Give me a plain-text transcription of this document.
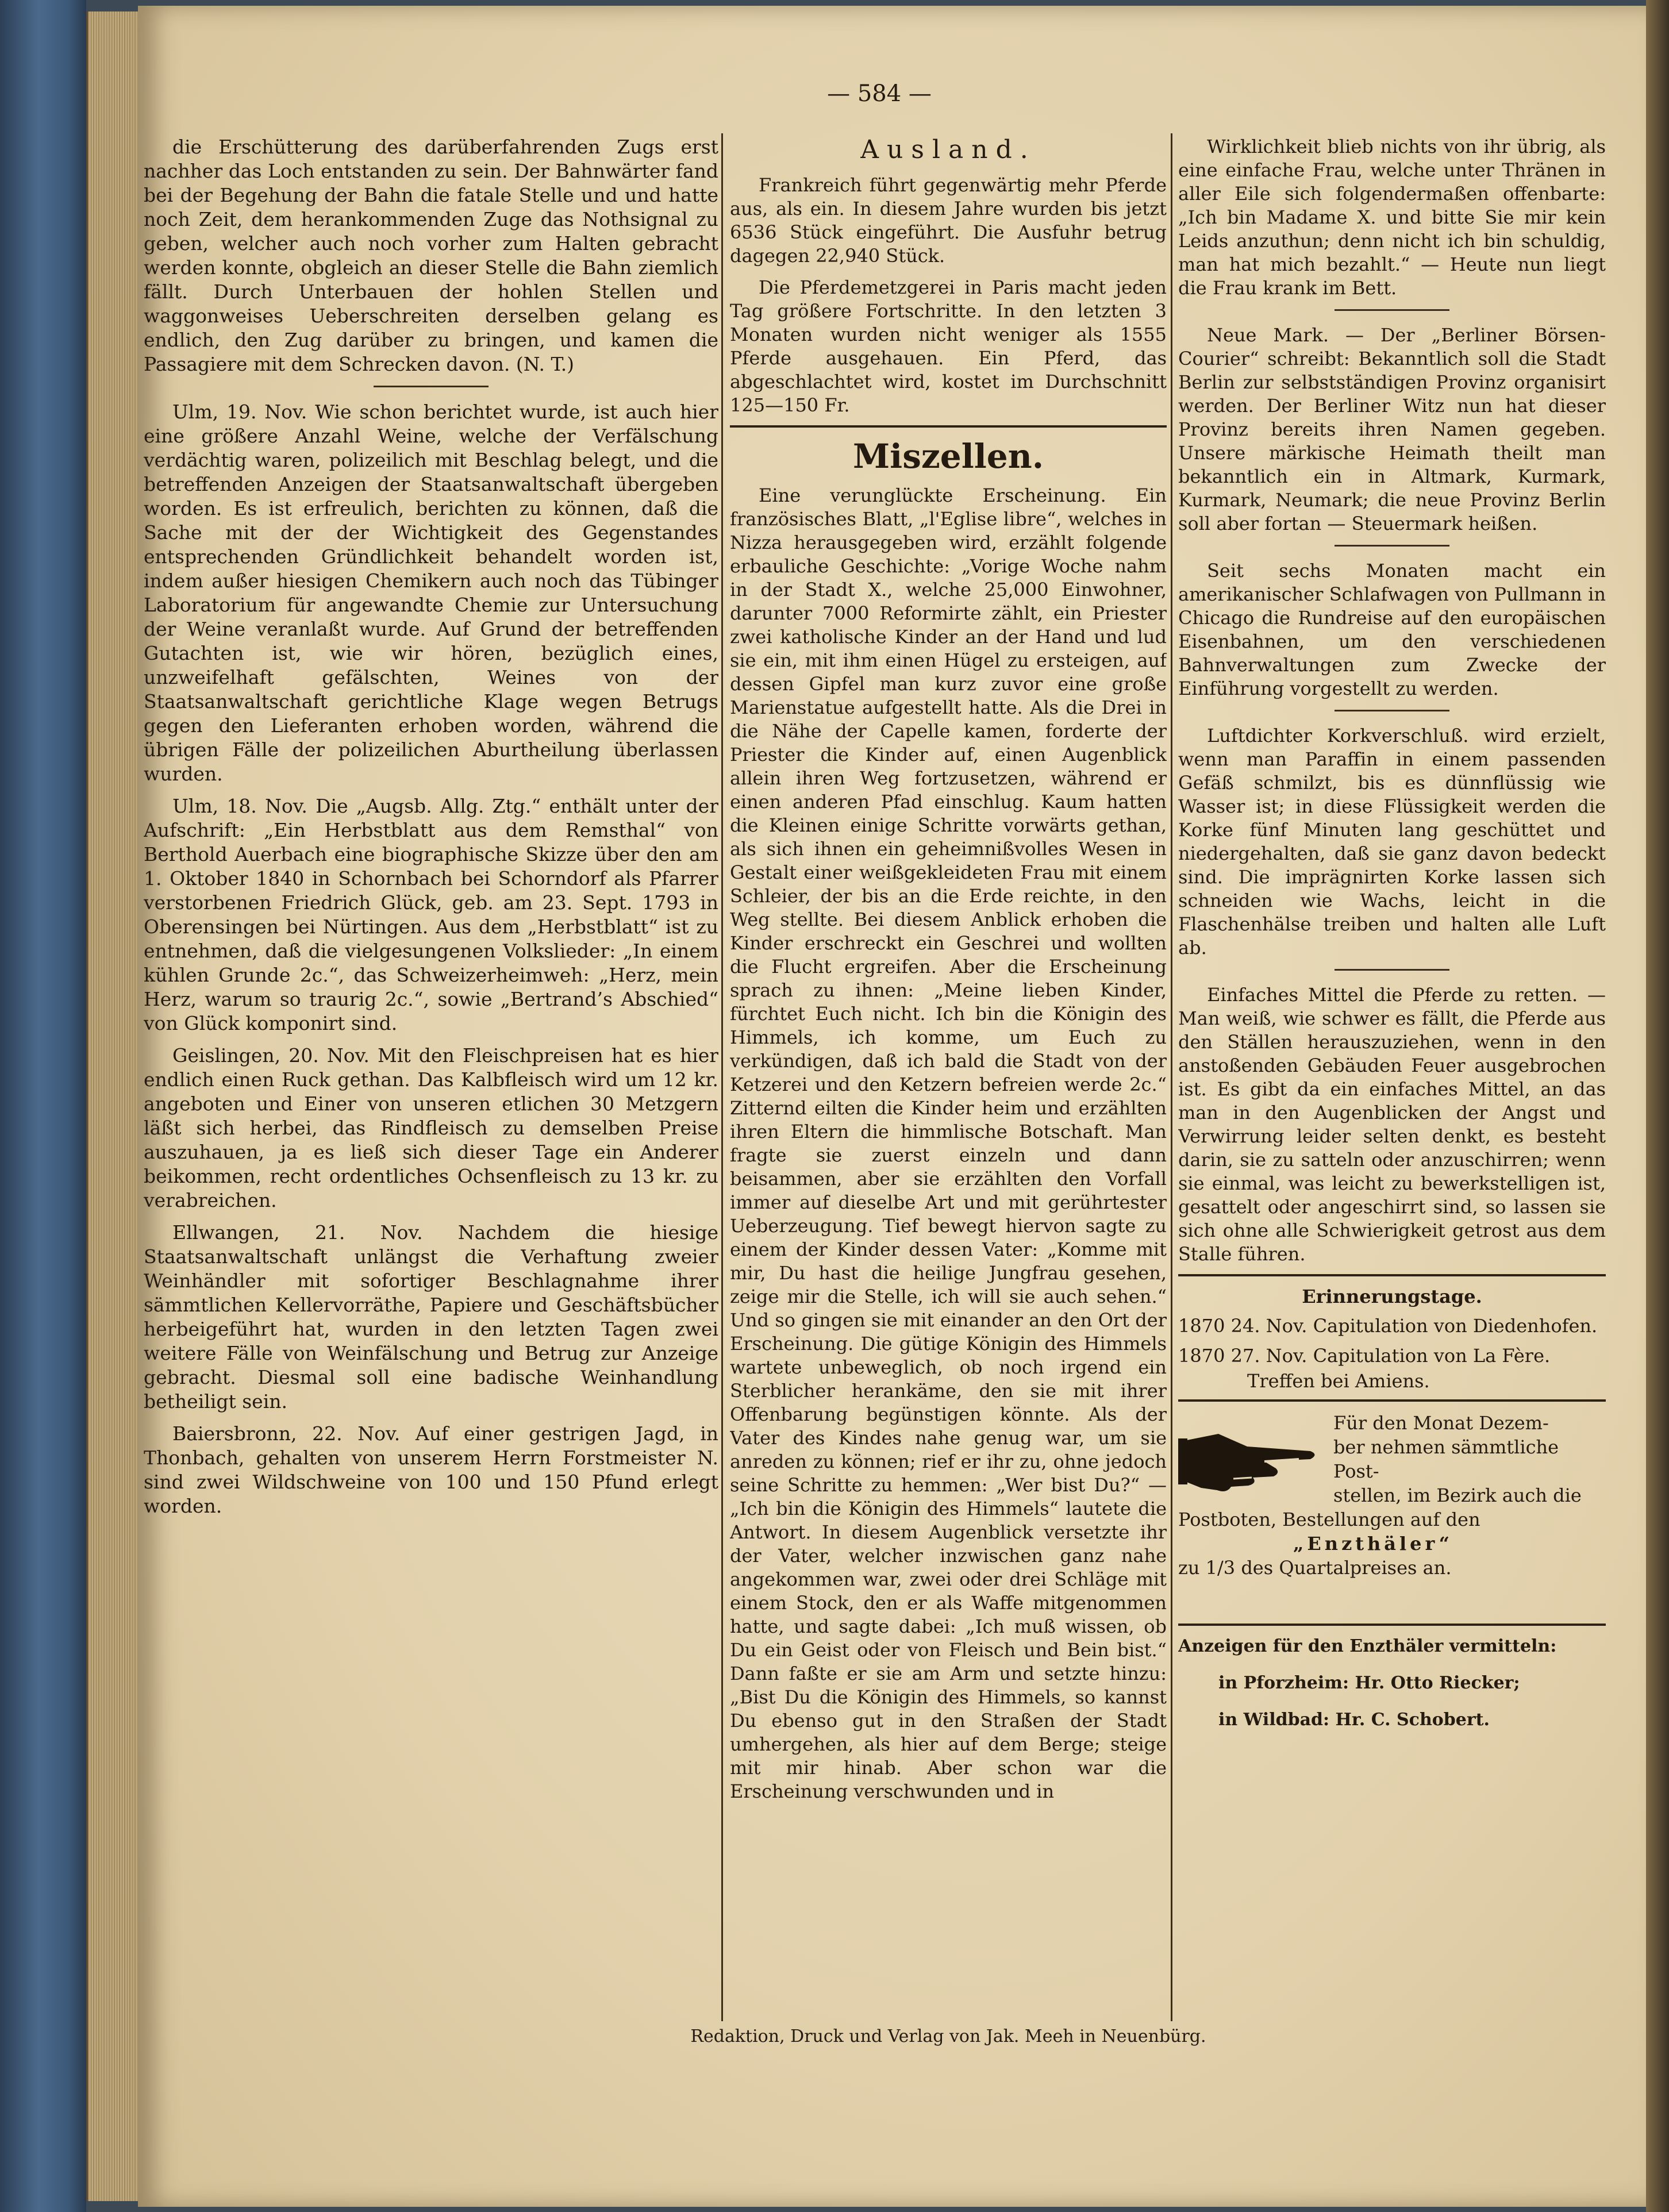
— 584 —

die Erschütterung des darüberfahrenden Zugs erst nachher das Loch entstanden zu sein. Der Bahnwärter fand bei der Begehung der Bahn die fatale Stelle und und hatte noch Zeit, dem herankommenden Zuge das Nothsignal zu geben, welcher auch noch vorher zum Halten gebracht werden konnte, obgleich an dieser Stelle die Bahn ziemlich fällt. Durch Unterbauen der hohlen Stellen und waggonweises Ueberschreiten derselben gelang es endlich, den Zug darüber zu bringen, und kamen die Passagiere mit dem Schrecken davon. (N. T.)

Ulm, 19. Nov. Wie schon berichtet wurde, ist auch hier eine größere Anzahl Weine, welche der Verfälschung verdächtig waren, polizeilich mit Beschlag belegt, und die betreffenden Anzeigen der Staatsanwaltschaft übergeben worden. Es ist erfreulich, berichten zu können, daß die Sache mit der der Wichtigkeit des Gegenstandes entsprechenden Gründlichkeit behandelt worden ist, indem außer hiesigen Chemikern auch noch das Tübinger Laboratorium für angewandte Chemie zur Untersuchung der Weine veranlaßt wurde. Auf Grund der betreffenden Gutachten ist, wie wir hören, bezüglich eines, unzweifelhaft gefälschten, Weines von der Staatsanwaltschaft gerichtliche Klage wegen Betrugs gegen den Lieferanten erhoben worden, während die übrigen Fälle der polizeilichen Aburtheilung überlassen wurden.

Ulm, 18. Nov. Die „Augsb. Allg. Ztg.“ enthält unter der Aufschrift: „Ein Herbstblatt aus dem Remsthal“ von Berthold Auerbach eine biographische Skizze über den am 1. Oktober 1840 in Schornbach bei Schorndorf als Pfarrer verstorbenen Friedrich Glück, geb. am 23. Sept. 1793 in Oberensingen bei Nürtingen. Aus dem „Herbstblatt“ ist zu entnehmen, daß die vielgesungenen Volkslieder: „In einem kühlen Grunde 2c.“, das Schweizerheimweh: „Herz, mein Herz, warum so traurig 2c.“, sowie „Bertrand’s Abschied“ von Glück komponirt sind.

Geislingen, 20. Nov. Mit den Fleischpreisen hat es hier endlich einen Ruck gethan. Das Kalbfleisch wird um 12 kr. angeboten und Einer von unseren etlichen 30 Metzgern läßt sich herbei, das Rindfleisch zu demselben Preise auszuhauen, ja es ließ sich dieser Tage ein Anderer beikommen, recht ordentliches Ochsenfleisch zu 13 kr. zu verabreichen.

Ellwangen, 21. Nov. Nachdem die hiesige Staatsanwaltschaft unlängst die Verhaftung zweier Weinhändler mit sofortiger Beschlagnahme ihrer sämmtlichen Kellervorräthe, Papiere und Geschäftsbücher herbeigeführt hat, wurden in den letzten Tagen zwei weitere Fälle von Weinfälschung und Betrug zur Anzeige gebracht. Diesmal soll eine badische Weinhandlung betheiligt sein.

Baiersbronn, 22. Nov. Auf einer gestrigen Jagd, in Thonbach, gehalten von unserem Herrn Forstmeister N. sind zwei Wildschweine von 100 und 150 Pfund erlegt worden.

Ausland.

Frankreich führt gegenwärtig mehr Pferde aus, als ein. In diesem Jahre wurden bis jetzt 6536 Stück eingeführt. Die Ausfuhr betrug dagegen 22,940 Stück.

Die Pferdemetzgerei in Paris macht jeden Tag größere Fortschritte. In den letzten 3 Monaten wurden nicht weniger als 1555 Pferde ausgehauen. Ein Pferd, das abgeschlachtet wird, kostet im Durchschnitt 125—150 Fr.

Miszellen.

Eine verunglückte Erscheinung. Ein französisches Blatt, „l'Eglise libre“, welches in Nizza herausgegeben wird, erzählt folgende erbauliche Geschichte: „Vorige Woche nahm in der Stadt X., welche 25,000 Einwohner, darunter 7000 Reformirte zählt, ein Priester zwei katholische Kinder an der Hand und lud sie ein, mit ihm einen Hügel zu ersteigen, auf dessen Gipfel man kurz zuvor eine große Marienstatue aufgestellt hatte. Als die Drei in die Nähe der Capelle kamen, forderte der Priester die Kinder auf, einen Augenblick allein ihren Weg fortzusetzen, während er einen anderen Pfad einschlug. Kaum hatten die Kleinen einige Schritte vorwärts gethan, als sich ihnen ein geheimnißvolles Wesen in Gestalt einer weißgekleideten Frau mit einem Schleier, der bis an die Erde reichte, in den Weg stellte. Bei diesem Anblick erhoben die Kinder erschreckt ein Geschrei und wollten die Flucht ergreifen. Aber die Erscheinung sprach zu ihnen: „Meine lieben Kinder, fürchtet Euch nicht. Ich bin die Königin des Himmels, ich komme, um Euch zu verkündigen, daß ich bald die Stadt von der Ketzerei und den Ketzern befreien werde 2c.“ Zitternd eilten die Kinder heim und erzählten ihren Eltern die himmlische Botschaft. Man fragte sie zuerst einzeln und dann beisammen, aber sie erzählten den Vorfall immer auf dieselbe Art und mit gerührtester Ueberzeugung. Tief bewegt hiervon sagte zu einem der Kinder dessen Vater: „Komme mit mir, Du hast die heilige Jungfrau gesehen, zeige mir die Stelle, ich will sie auch sehen.“ Und so gingen sie mit einander an den Ort der Erscheinung. Die gütige Königin des Himmels wartete unbeweglich, ob noch irgend ein Sterblicher herankäme, den sie mit ihrer Offenbarung begünstigen könnte. Als der Vater des Kindes nahe genug war, um sie anreden zu können; rief er ihr zu, ohne jedoch seine Schritte zu hemmen: „Wer bist Du?“ — „Ich bin die Königin des Himmels“ lautete die Antwort. In diesem Augenblick versetzte ihr der Vater, welcher inzwischen ganz nahe angekommen war, zwei oder drei Schläge mit einem Stock, den er als Waffe mitgenommen hatte, und sagte dabei: „Ich muß wissen, ob Du ein Geist oder von Fleisch und Bein bist.“ Dann faßte er sie am Arm und setzte hinzu: „Bist Du die Königin des Himmels, so kannst Du ebenso gut in den Straßen der Stadt umhergehen, als hier auf dem Berge; steige mit mir hinab. Aber schon war die Erscheinung verschwunden und in

Wirklichkeit blieb nichts von ihr übrig, als eine einfache Frau, welche unter Thränen in aller Eile sich folgendermaßen offenbarte: „Ich bin Madame X. und bitte Sie mir kein Leids anzuthun; denn nicht ich bin schuldig, man hat mich bezahlt.“ — Heute nun liegt die Frau krank im Bett.

Neue Mark. — Der „Berliner Börsen-Courier“ schreibt: Bekanntlich soll die Stadt Berlin zur selbstständigen Provinz organisirt werden. Der Berliner Witz nun hat dieser Provinz bereits ihren Namen gegeben. Unsere märkische Heimath theilt man bekanntlich ein in Altmark, Kurmark, Kurmark, Neumark; die neue Provinz Berlin soll aber fortan — Steuermark heißen.

Seit sechs Monaten macht ein amerikanischer Schlafwagen von Pullmann in Chicago die Rundreise auf den europäischen Eisenbahnen, um den verschiedenen Bahnverwaltungen zum Zwecke der Einführung vorgestellt zu werden.

Luftdichter Korkverschluß. wird erzielt, wenn man Paraffin in einem passenden Gefäß schmilzt, bis es dünnflüssig wie Wasser ist; in diese Flüssigkeit werden die Korke fünf Minuten lang geschüttet und niedergehalten, daß sie ganz davon bedeckt sind. Die imprägnirten Korke lassen sich schneiden wie Wachs, leicht in die Flaschenhälse treiben und halten alle Luft ab.

Einfaches Mittel die Pferde zu retten. — Man weiß, wie schwer es fällt, die Pferde aus den Ställen herauszuziehen, wenn in den anstoßenden Gebäuden Feuer ausgebrochen ist. Es gibt da ein einfaches Mittel, an das man in den Augenblicken der Angst und Verwirrung leider selten denkt, es besteht darin, sie zu satteln oder anzuschirren; wenn sie einmal, was leicht zu bewerkstelligen ist, gesattelt oder angeschirrt sind, so lassen sie sich ohne alle Schwierigkeit getrost aus dem Stalle führen.

Erinnerungstage.
1870 24. Nov. Capitulation von Diedenhofen.
1870 27. Nov. Capitulation von La Fère. Treffen bei Amiens.
Für den Monat Dezem-
ber nehmen sämmtliche Post-
stellen, im Bezirk auch die
Postboten, Bestellungen auf den
„Enzthäler“
zu 1/3 des Quartalpreises an.

Anzeigen für den Enzthäler vermitteln:

in Pforzheim: Hr. Otto Riecker;

in Wildbad: Hr. C. Schobert.

Redaktion, Druck und Verlag von Jak. Meeh in Neuenbürg.
